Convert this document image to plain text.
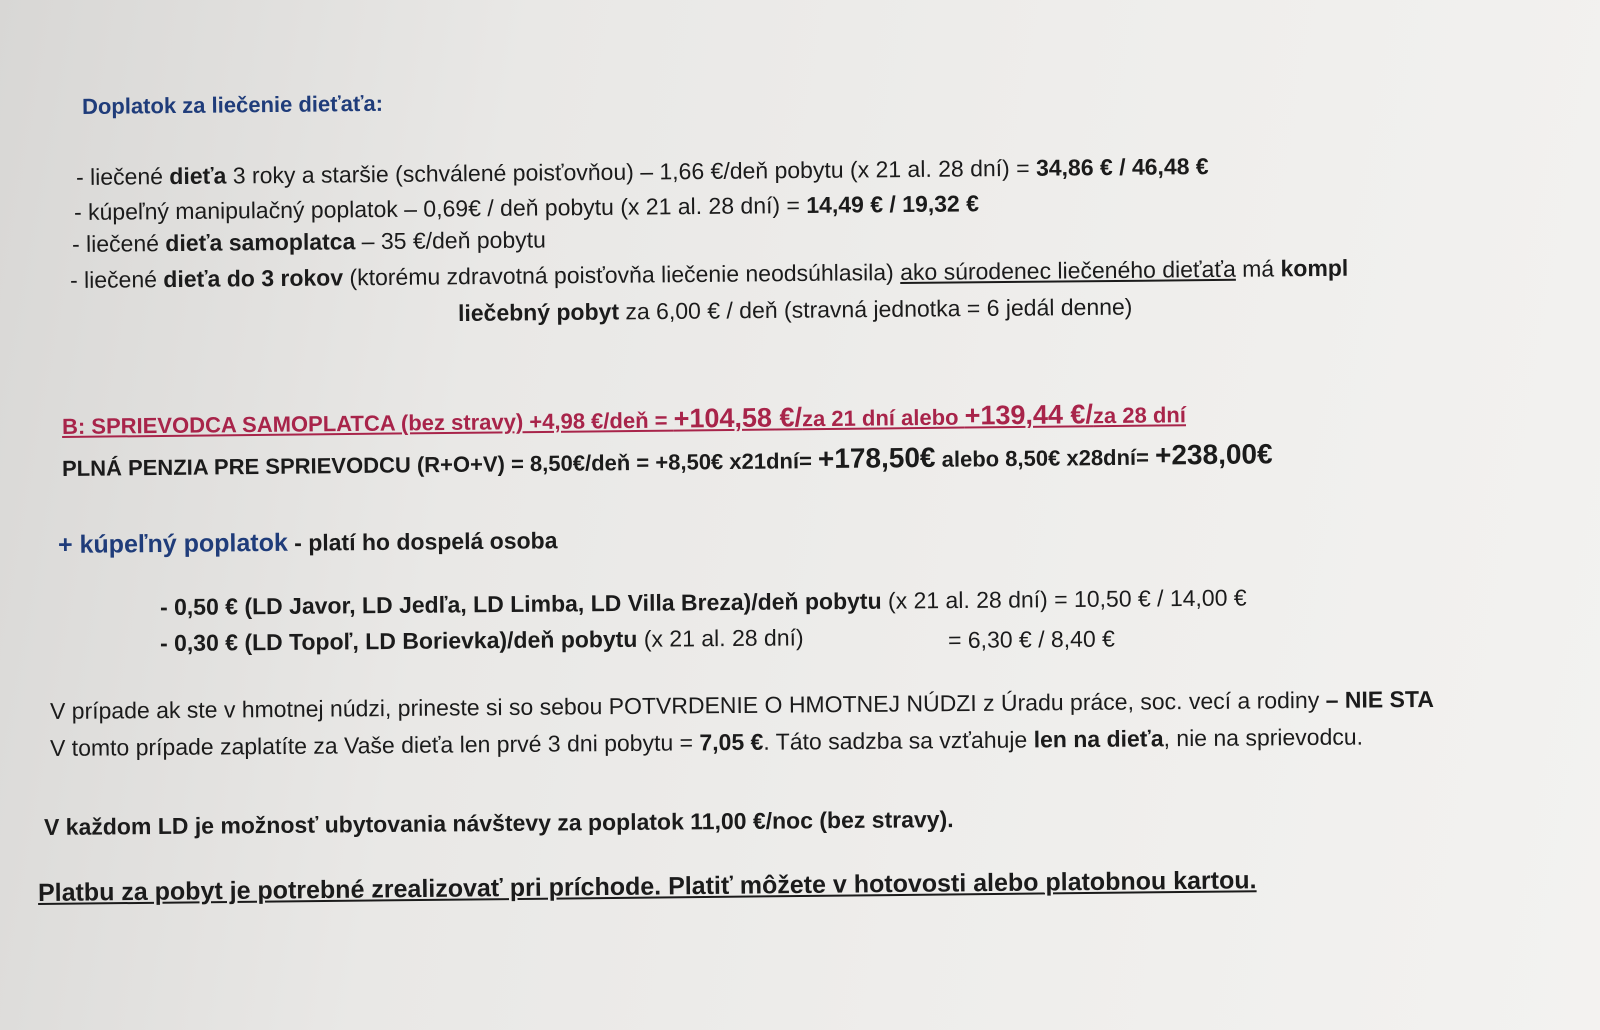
Doplatok za liečenie dieťaťa:
- liečené dieťa 3 roky a staršie (schválené poisťovňou) – 1,66 €/deň pobytu (x 21 al. 28 dní) = 34,86 € / 46,48 €
- kúpeľný manipulačný poplatok – 0,69€ / deň pobytu (x 21 al. 28 dní) = 14,49 € / 19,32 €
- liečené dieťa samoplatca – 35 €/deň pobytu
- liečené dieťa do 3 rokov (ktorému zdravotná poisťovňa liečenie neodsúhlasila) ako súrodenec liečeného dieťaťa má kompl
liečebný pobyt za 6,00 € / deň (stravná jednotka = 6 jedál denne)
B: SPRIEVODCA SAMOPLATCA (bez stravy) +4,98 €/deň = +104,58 €/za 21 dní alebo +139,44 €/za 28 dní
PLNÁ PENZIA PRE SPRIEVODCU (R+O+V) = 8,50€/deň = +8,50€ x21dní= +178,50€ alebo 8,50€ x28dní= +238,00€
+ kúpeľný poplatok - platí ho dospelá osoba
- 0,50 € (LD Javor, LD Jedľa, LD Limba, LD Villa Breza)/deň pobytu (x 21 al. 28 dní) = 10,50 € / 14,00 €
- 0,30 € (LD Topoľ, LD Borievka)/deň pobytu (x 21 al. 28 dní)	= 6,30 € / 8,40 €
V prípade ak ste v hmotnej núdzi, prineste si so sebou POTVRDENIE O HMOTNEJ NÚDZI z Úradu práce, soc. vecí a rodiny – NIE STA
V tomto prípade zaplatíte za Vaše dieťa len prvé 3 dni pobytu = 7,05 €. Táto sadzba sa vzťahuje len na dieťa, nie na sprievodcu.
V každom LD je možnosť ubytovania návštevy za poplatok 11,00 €/noc (bez stravy).
Platbu za pobyt je potrebné zrealizovať pri príchode. Platiť môžete v hotovosti alebo platobnou kartou.
